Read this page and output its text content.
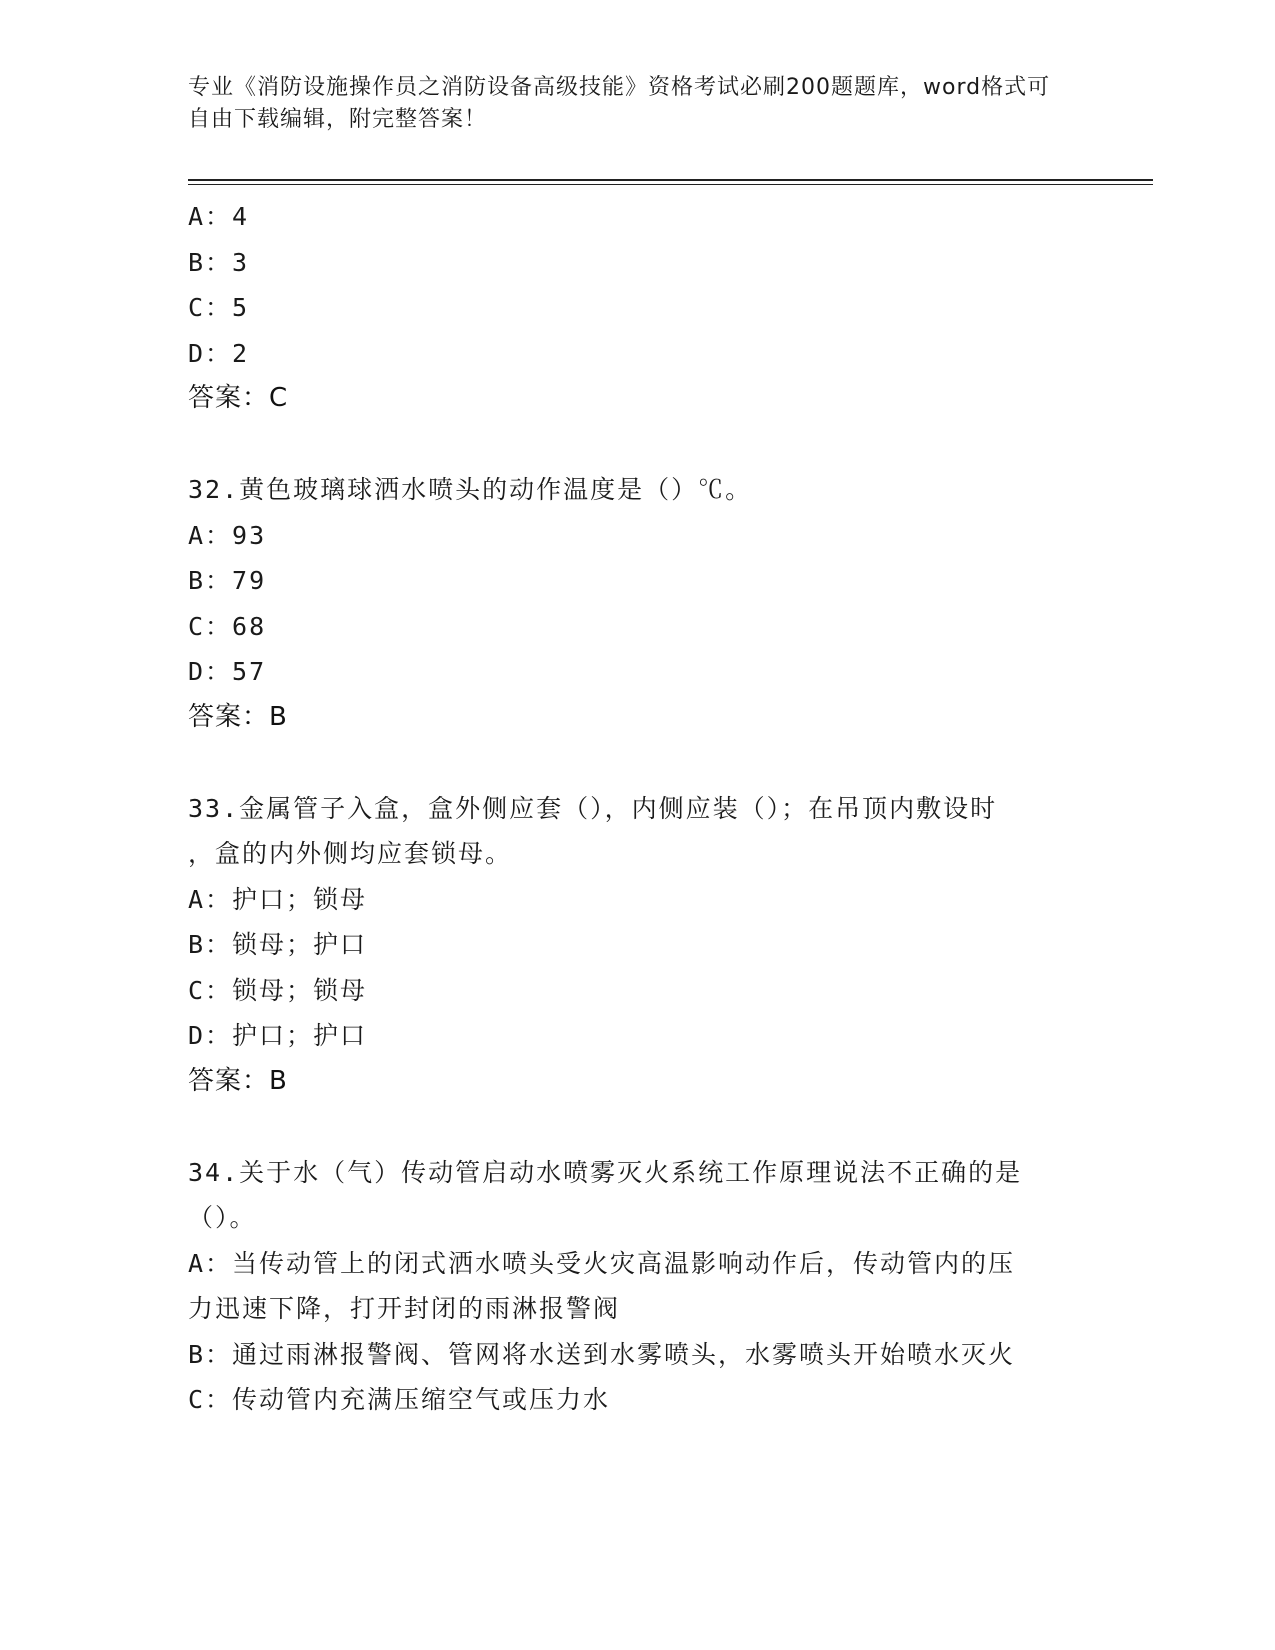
专业《消防设施操作员之消防设备高级技能》资格考试必刷200题题库，word格式可自由下载编辑，附完整答案！
A：4
B：3
C：5
D：2
答案：C
32.黄色玻璃球洒水喷头的动作温度是（）℃。
A：93
B：79
C：68
D：57
答案：B
33.金属管子入盒，盒外侧应套（），内侧应装（）；在吊顶内敷设时
，盒的内外侧均应套锁母。
A：护口；锁母
B：锁母；护口
C：锁母；锁母
D：护口；护口
答案：B
34.关于水（气）传动管启动水喷雾灭火系统工作原理说法不正确的是
（）。
A：当传动管上的闭式洒水喷头受火灾高温影响动作后，传动管内的压
力迅速下降，打开封闭的雨淋报警阀
B：通过雨淋报警阀、管网将水送到水雾喷头，水雾喷头开始喷水灭火
C：传动管内充满压缩空气或压力水
